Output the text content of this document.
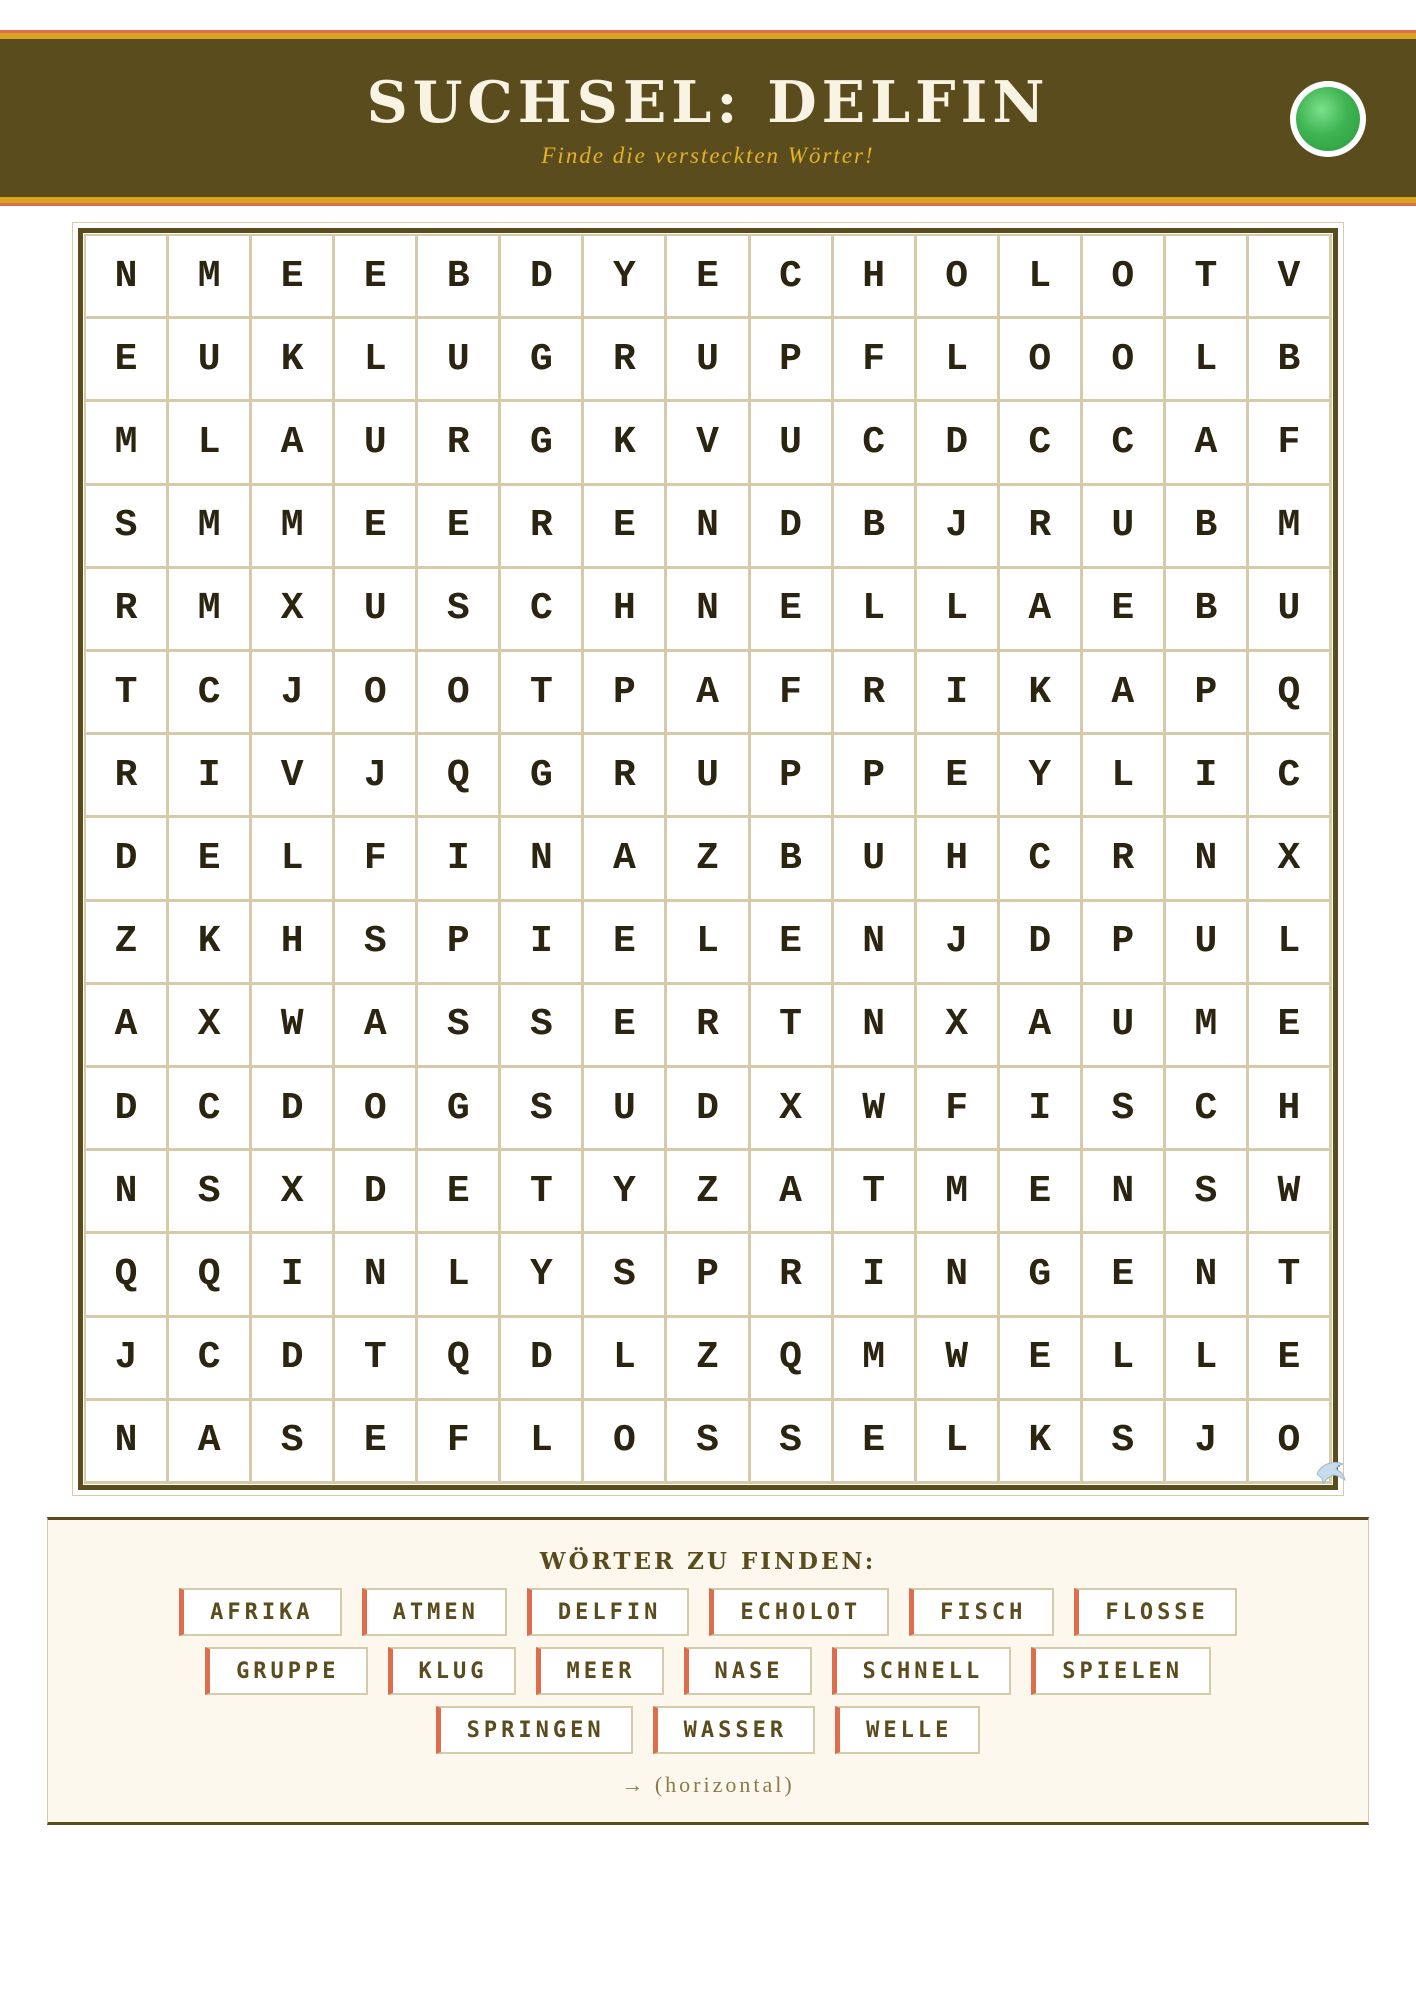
SUCHSEL: DELFIN
Finde die versteckten Wörter!
N	M	E	E	B	D	Y	E	C	H	O	L	O	T	V
E	U	K	L	U	G	R	U	P	F	L	O	O	L	B
M	L	A	U	R	G	K	V	U	C	D	C	C	A	F
S	M	M	E	E	R	E	N	D	B	J	R	U	B	M
R	M	X	U	S	C	H	N	E	L	L	A	E	B	U
T	C	J	O	O	T	P	A	F	R	I	K	A	P	Q
R	I	V	J	Q	G	R	U	P	P	E	Y	L	I	C
D	E	L	F	I	N	A	Z	B	U	H	C	R	N	X
Z	K	H	S	P	I	E	L	E	N	J	D	P	U	L
A	X	W	A	S	S	E	R	T	N	X	A	U	M	E
D	C	D	O	G	S	U	D	X	W	F	I	S	C	H
N	S	X	D	E	T	Y	Z	A	T	M	E	N	S	W
Q	Q	I	N	L	Y	S	P	R	I	N	G	E	N	T
J	C	D	T	Q	D	L	Z	Q	M	W	E	L	L	E
N	A	S	E	F	L	O	S	S	E	L	K	S	J	O
WÖRTER ZU FINDEN:
AFRIKA	ATMEN	DELFIN	ECHOLOT	FISCH	FLOSSE
GRUPPE	KLUG	MEER	NASE	SCHNELL	SPIELEN
SPRINGEN	WASSER	WELLE
→ (horizontal)
